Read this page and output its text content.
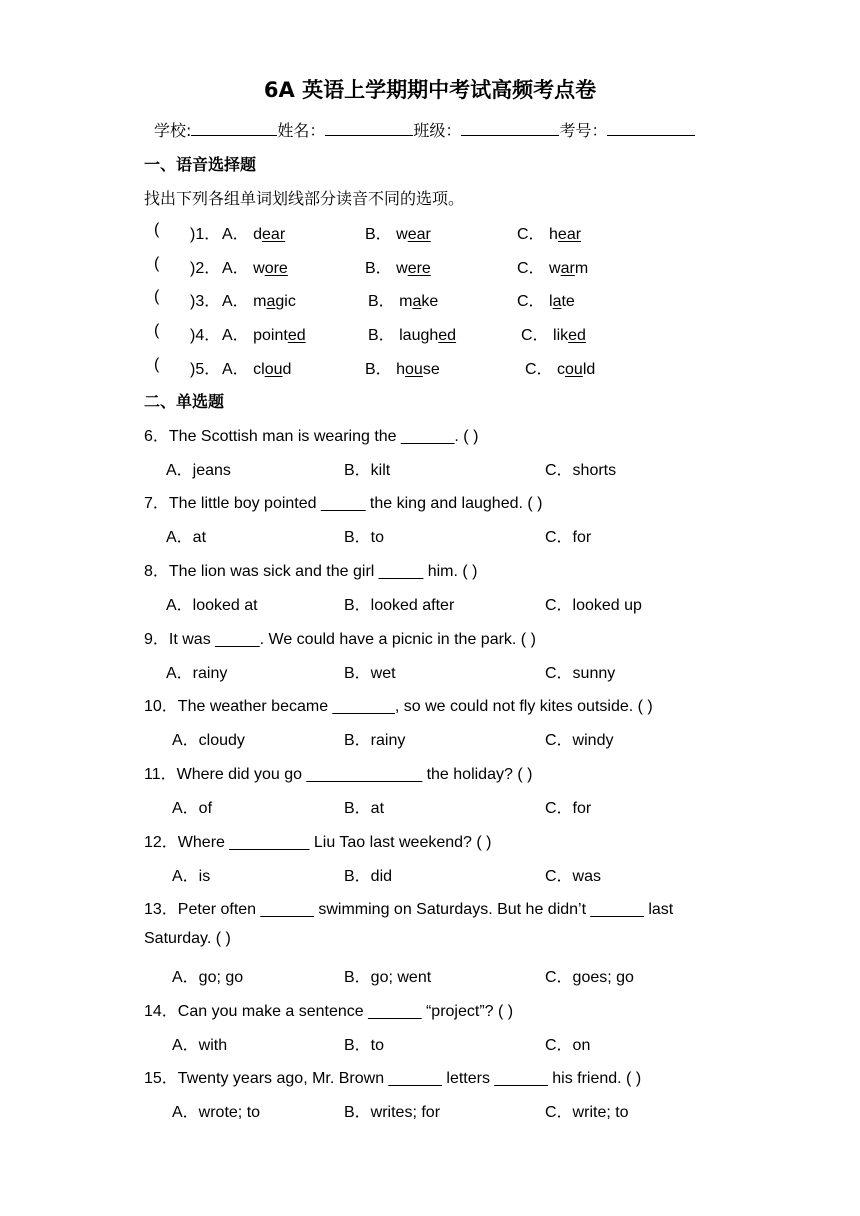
6A 英语上学期期中考试高频考点卷
学校:	姓名：	班级：	考号：
一、语音选择题
找出下列各组单词划线部分读音不同的选项。
( )1． A． dear	B． wear	C． hear
( )2． A． wore	B． were	C． warm
( )3． A． magic	B． make	C． late
( )4． A． pointed	B． laughed	C． liked
( )5． A． cloud	B． house	C． could
二、单选题
6．The Scottish man is wearing the ______. ( )
A．jeans	B．kilt	C．shorts
7．The little boy pointed _____ the king and laughed. ( )
A．at	B．to	C．for
8．The lion was sick and the girl _____ him. ( )
A．looked at	B．looked after	C．looked up
9．It was _____. We could have a picnic in the park. ( )
A．rainy	B．wet	C．sunny
10．The weather became _______, so we could not fly kites outside. ( )
A．cloudy	B．rainy	C．windy
11．Where did you go _____________ the holiday? ( )
A．of	B．at	C．for
12．Where _________ Liu Tao last weekend? ( )
A．is	B．did	C．was
13．Peter often ______ swimming on Saturdays. But he didn’t ______ last
Saturday. ( )
A．go; go	B．go; went	C．goes; go
14．Can you make a sentence ______ “project”? ( )
A．with	B．to	C．on
15．Twenty years ago, Mr. Brown ______ letters ______ his friend. ( )
A．wrote; to	B．writes; for	C．write; to
